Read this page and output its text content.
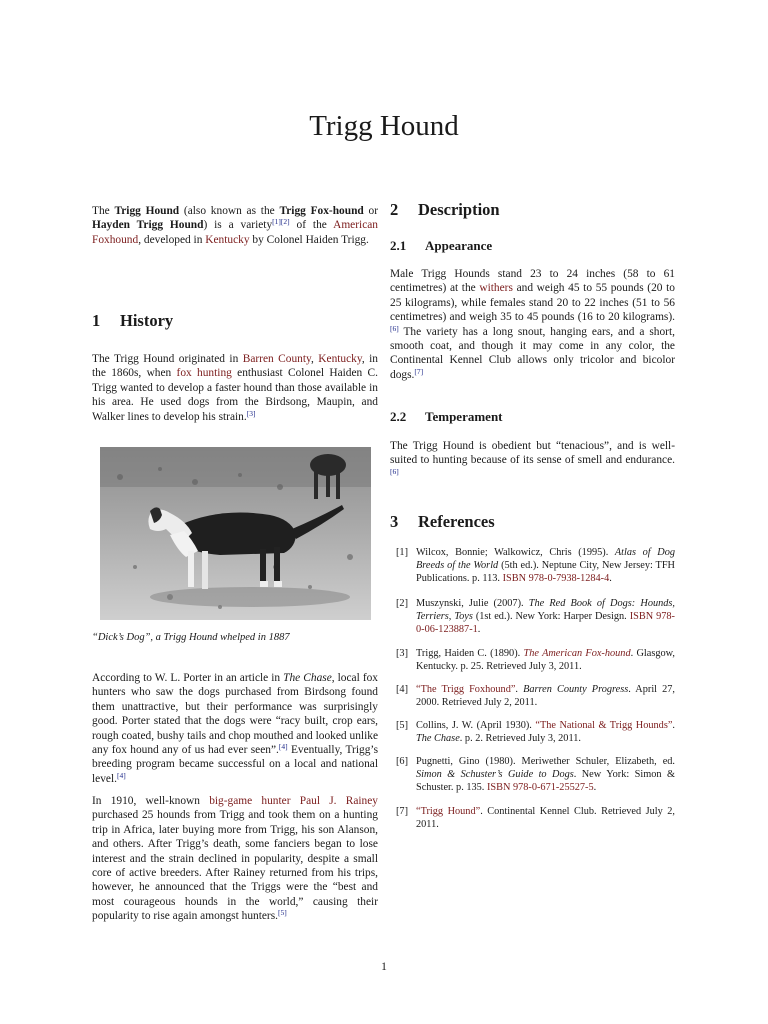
Trigg Hound
The Trigg Hound (also known as the Trigg Fox-hound or Hayden Trigg Hound) is a variety[1][2] of the American Foxhound, developed in Kentucky by Colonel Haiden Trigg.
1 History
The Trigg Hound originated in Barren County, Kentucky, in the 1860s, when fox hunting enthusiast Colonel Haiden C. Trigg wanted to develop a faster hound than those available in his area. He used dogs from the Birdsong, Maupin, and Walker lines to develop his strain.[3]
“Dick’s Dog”, a Trigg Hound whelped in 1887
According to W. L. Porter in an article in The Chase, local fox hunters who saw the dogs purchased from Birdsong found them unattractive, but their performance was surprisingly good. Porter stated that the dogs were “racy built, crop ears, rough coated, bushy tails and chop mouthed and looked unlike any fox hound any of us had ever seen”.[4] Eventually, Trigg’s breeding program became successful on a local and national level.[4]
In 1910, well-known big-game hunter Paul J. Rainey purchased 25 hounds from Trigg and took them on a hunting trip in Africa, later buying more from Trigg, his son Alanson, and others. After Trigg’s death, some fanciers began to lose interest and the strain declined in popularity, despite a small core of active breeders. After Rainey returned from his trips, however, he announced that the Triggs were the “best and most courageous hounds in the world,” causing their popularity to rise again amongst hunters.[5]
2 Description
2.1 Appearance
Male Trigg Hounds stand 23 to 24 inches (58 to 61 centimetres) at the withers and weigh 45 to 55 pounds (20 to 25 kilograms), while females stand 20 to 22 inches (51 to 56 centimetres) and weigh 35 to 45 pounds (16 to 20 kilograms).[6] The variety has a long snout, hanging ears, and a short, smooth coat, and though it may come in any color, the Continental Kennel Club allows only tricolor and bicolor dogs.[7]
2.2 Temperament
The Trigg Hound is obedient but “tenacious”, and is well-suited to hunting because of its sense of smell and endurance.[6]
3 References
[1] Wilcox, Bonnie; Walkowicz, Chris (1995). Atlas of Dog Breeds of the World (5th ed.). Neptune City, New Jersey: TFH Publications. p. 113. ISBN 978-0-7938-1284-4.
[2] Muszynski, Julie (2007). The Red Book of Dogs: Hounds, Terriers, Toys (1st ed.). New York: Harper Design. ISBN 978-0-06-123887-1.
[3] Trigg, Haiden C. (1890). The American Fox-hound. Glasgow, Kentucky. p. 25. Retrieved July 3, 2011.
[4] “The Trigg Foxhound”. Barren County Progress. April 27, 2000. Retrieved July 2, 2011.
[5] Collins, J. W. (April 1930). “The National & Trigg Hounds”. The Chase. p. 2. Retrieved July 3, 2011.
[6] Pugnetti, Gino (1980). Meriwether Schuler, Elizabeth, ed. Simon & Schuster’s Guide to Dogs. New York: Simon & Schuster. p. 135. ISBN 978-0-671-25527-5.
[7] “Trigg Hound”. Continental Kennel Club. Retrieved July 2, 2011.
1
